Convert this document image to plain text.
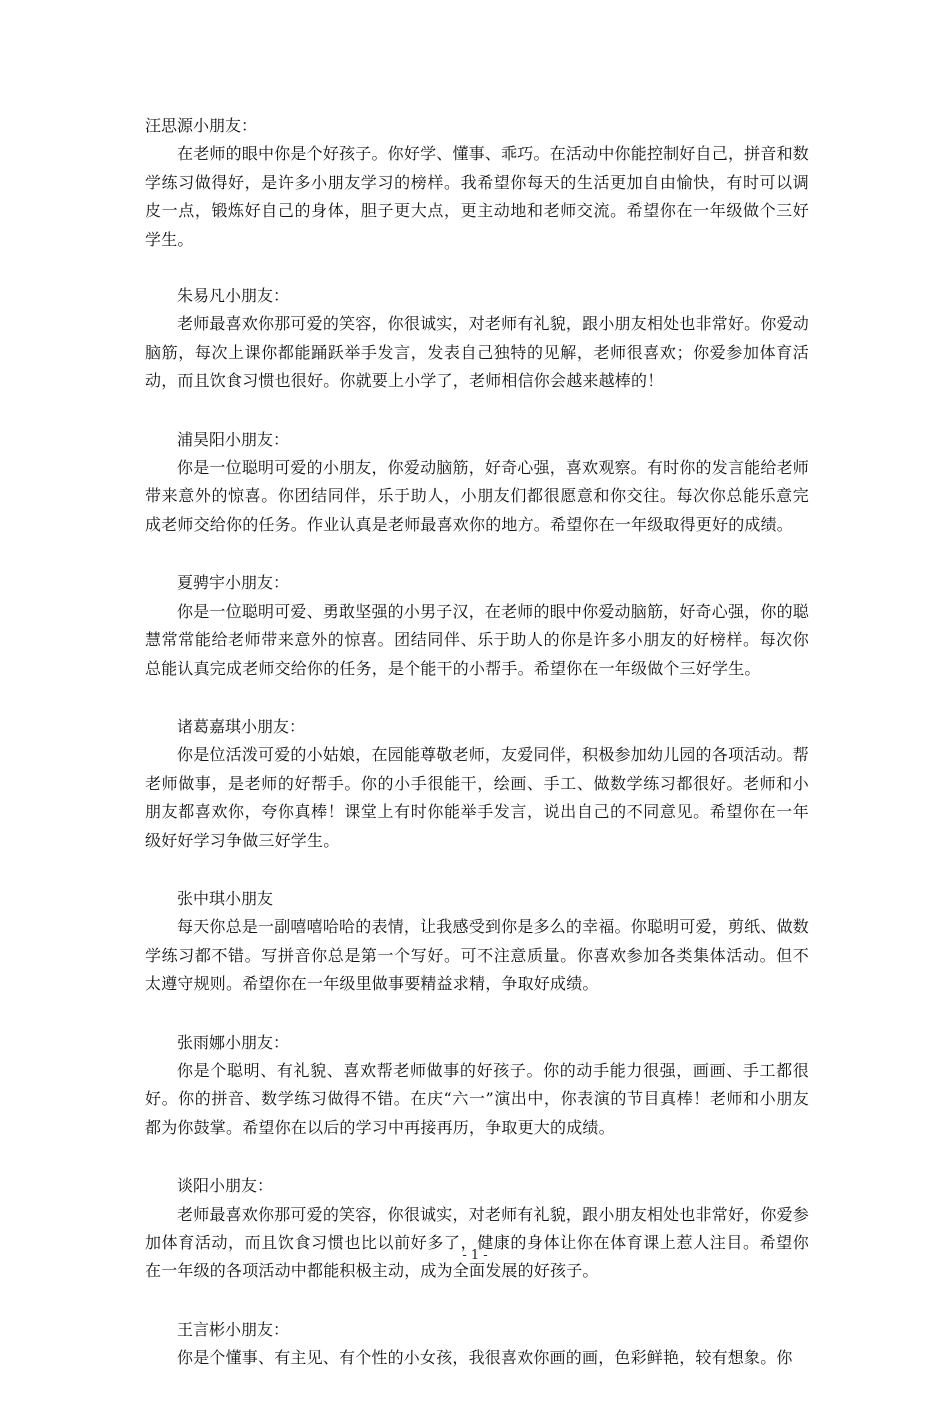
汪思源小朋友：
在老师的眼中你是个好孩子。你好学、懂事、乖巧。在活动中你能控制好自己，拼音和数学练习做得好，是许多小朋友学习的榜样。我希望你每天的生活更加自由愉快，有时可以调皮一点，锻炼好自己的身体，胆子更大点，更主动地和老师交流。希望你在一年级做个三好学生。
朱易凡小朋友：
老师最喜欢你那可爱的笑容，你很诚实，对老师有礼貌，跟小朋友相处也非常好。你爱动脑筋，每次上课你都能踊跃举手发言，发表自己独特的见解，老师很喜欢；你爱参加体育活动，而且饮食习惯也很好。你就要上小学了，老师相信你会越来越棒的！
浦昊阳小朋友：
你是一位聪明可爱的小朋友，你爱动脑筋，好奇心强，喜欢观察。有时你的发言能给老师带来意外的惊喜。你团结同伴，乐于助人，小朋友们都很愿意和你交往。每次你总能乐意完成老师交给你的任务。作业认真是老师最喜欢你的地方。希望你在一年级取得更好的成绩。
夏骋宇小朋友：
你是一位聪明可爱、勇敢坚强的小男子汉，在老师的眼中你爱动脑筋，好奇心强，你的聪慧常常能给老师带来意外的惊喜。团结同伴、乐于助人的你是许多小朋友的好榜样。每次你总能认真完成老师交给你的任务，是个能干的小帮手。希望你在一年级做个三好学生。
诸葛嘉琪小朋友：
你是位活泼可爱的小姑娘，在园能尊敬老师，友爱同伴，积极参加幼儿园的各项活动。帮老师做事，是老师的好帮手。你的小手很能干，绘画、手工、做数学练习都很好。老师和小朋友都喜欢你，夸你真棒！课堂上有时你能举手发言，说出自己的不同意见。希望你在一年级好好学习争做三好学生。
张中琪小朋友
每天你总是一副嘻嘻哈哈的表情，让我感受到你是多么的幸福。你聪明可爱，剪纸、做数学练习都不错。写拼音你总是第一个写好。可不注意质量。你喜欢参加各类集体活动。但不太遵守规则。希望你在一年级里做事要精益求精，争取好成绩。
张雨娜小朋友：
你是个聪明、有礼貌、喜欢帮老师做事的好孩子。你的动手能力很强，画画、手工都很好。你的拼音、数学练习做得不错。在庆“六一”演出中，你表演的节目真棒！老师和小朋友都为你鼓掌。希望你在以后的学习中再接再历，争取更大的成绩。
谈阳小朋友：
老师最喜欢你那可爱的笑容，你很诚实，对老师有礼貌，跟小朋友相处也非常好，你爱参加体育活动，而且饮食习惯也比以前好多了，健康的身体让你在体育课上惹人注目。希望你在一年级的各项活动中都能积极主动，成为全面发展的好孩子。
王言彬小朋友：
你是个懂事、有主见、有个性的小女孩，我很喜欢你画的画，色彩鲜艳，较有想象。你
- 1 -
